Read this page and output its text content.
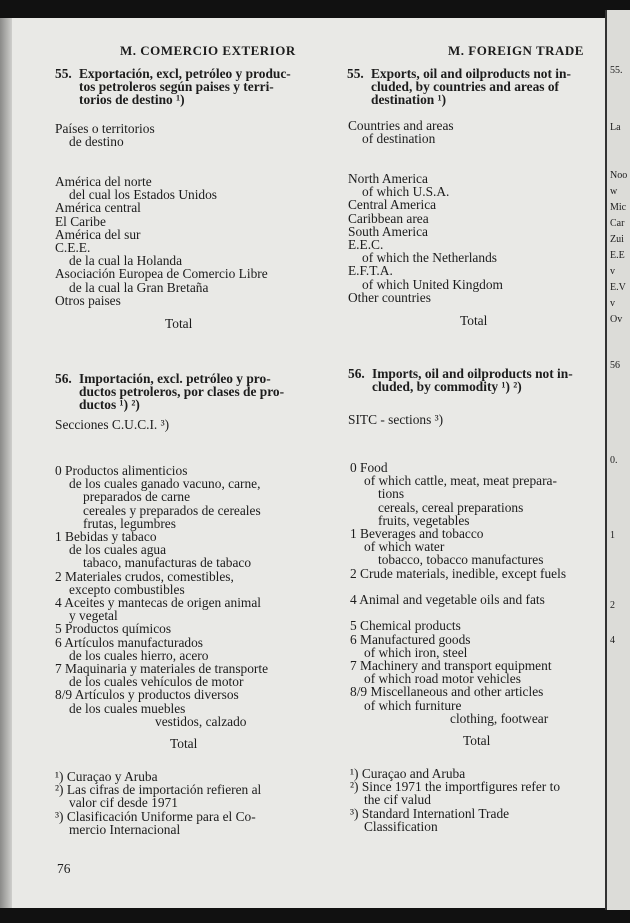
55.
La
Noo
w
Mic
Car
Zui
E.E
v
E.V
v
Ov
56
0.
1
2
4
M. COMERCIO EXTERIOR	M. FOREIGN TRADE
55. Exportación, excl, petróleo y produc-
tos petroleros según paises y terri-
torios de destino ¹)
Países o territorios
de destino
América del norte
del cual los Estados Unidos
América central
El Caribe
América del sur
C.E.E.
de la cual la Holanda
Asociación Europea de Comercio Libre
de la cual la Gran Bretaña
Otros paises
Total
55. Exports, oil and oilproducts not in-
cluded, by countries and areas of
destination ¹)
Countries and areas
of destination
North America
of which U.S.A.
Central America
Caribbean area
South America
E.E.C.
of which the Netherlands
E.F.T.A.
of which United Kingdom
Other countries
Total
56. Importación, excl. petróleo y pro-
ductos petroleros, por clases de pro-
ductos ¹) ²)
Secciones C.U.C.I. ³)
0 Productos alimenticios
de los cuales ganado vacuno, carne,
preparados de carne
cereales y preparados de cereales
frutas, legumbres
1 Bebidas y tabaco
de los cuales agua
tabaco, manufacturas de tabaco
2 Materiales crudos, comestibles,
excepto combustibles
4 Aceites y mantecas de origen animal
y vegetal
5 Productos químicos
6 Artículos manufacturados
de los cuales hierro, acero
7 Maquinaria y materiales de transporte
de los cuales vehículos de motor
8/9 Artículos y productos diversos
de los cuales muebles
vestidos, calzado
Total
56. Imports, oil and oilproducts not in-
cluded, by commodity ¹) ²)
SITC - sections ³)
0 Food
of which cattle, meat, meat prepara-
tions
cereals, cereal preparations
fruits, vegetables
1 Beverages and tobacco
of which water
tobacco, tobacco manufactures
2 Crude materials, inedible, except fuels

4 Animal and vegetable oils and fats

5 Chemical products
6 Manufactured goods
of which iron, steel
7 Machinery and transport equipment
of which road motor vehicles
8/9 Miscellaneous and other articles
of which furniture
clothing, footwear
Total
¹) Curaçao y Aruba
²) Las cifras de importación refieren al
valor cif desde 1971
³) Clasificación Uniforme para el Co-
mercio Internacional
¹) Curaçao and Aruba
²) Since 1971 the importfigures refer to
the cif valud
³) Standard Internationl Trade
Classification
76
